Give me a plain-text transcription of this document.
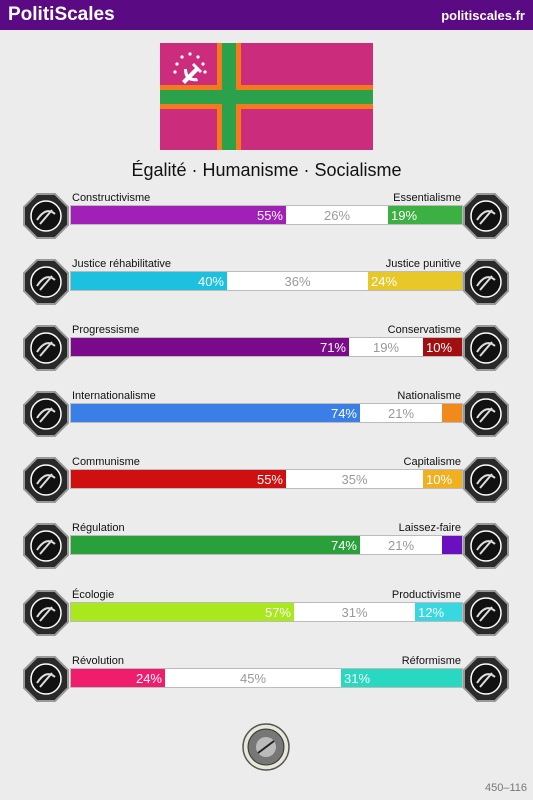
PolitiScales	politiscales.fr
Égalité · Humanisme · Socialisme
Constructivisme	Essentialisme
55%	26%	19%
Justice réhabilitative	Justice punitive
40%	36%	24%
Progressisme	Conservatisme
71%	19%	10%
Internationalisme	Nationalisme
74%	21%
Communisme	Capitalisme
55%	35%	10%
Régulation	Laissez-faire
74%	21%
Écologie	Productivisme
57%	31%	12%
Révolution	Réformisme
24%	45%	31%
450–116
